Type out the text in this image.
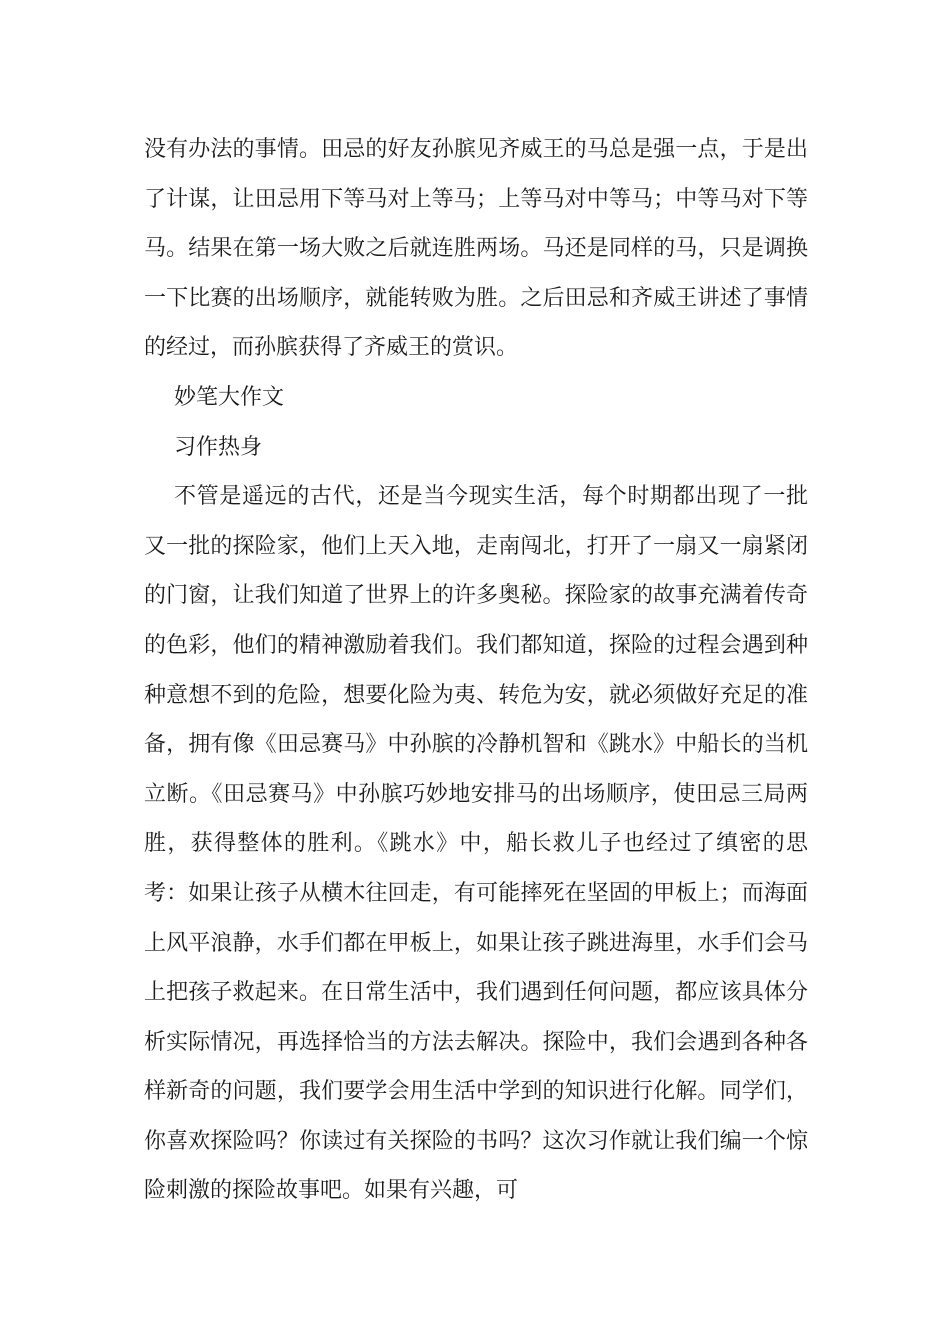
没有办法的事情。田忌的好友孙膑见齐威王的马总是强一点，于是出了计谋，让田忌用下等马对上等马；上等马对中等马；中等马对下等马。结果在第一场大败之后就连胜两场。马还是同样的马，只是调换一下比赛的出场顺序，就能转败为胜。之后田忌和齐威王讲述了事情的经过，而孙膑获得了齐威王的赏识。

妙笔大作文

习作热身

不管是遥远的古代，还是当今现实生活，每个时期都出现了一批又一批的探险家，他们上天入地，走南闯北，打开了一扇又一扇紧闭的门窗，让我们知道了世界上的许多奥秘。探险家的故事充满着传奇的色彩，他们的精神激励着我们。我们都知道，探险的过程会遇到种种意想不到的危险，想要化险为夷、转危为安，就必须做好充足的准备，拥有像《田忌赛马》中孙膑的冷静机智和《跳水》中船长的当机立断。《田忌赛马》中孙膑巧妙地安排马的出场顺序，使田忌三局两胜，获得整体的胜利。《跳水》中，船长救儿子也经过了缜密的思考：如果让孩子从横木往回走，有可能摔死在坚固的甲板上；而海面上风平浪静，水手们都在甲板上，如果让孩子跳进海里，水手们会马上把孩子救起来。在日常生活中，我们遇到任何问题，都应该具体分析实际情况，再选择恰当的方法去解决。探险中，我们会遇到各种各样新奇的问题，我们要学会用生活中学到的知识进行化解。同学们，你喜欢探险吗？你读过有关探险的书吗？这次习作就让我们编一个惊险刺激的探险故事吧。如果有兴趣，可
